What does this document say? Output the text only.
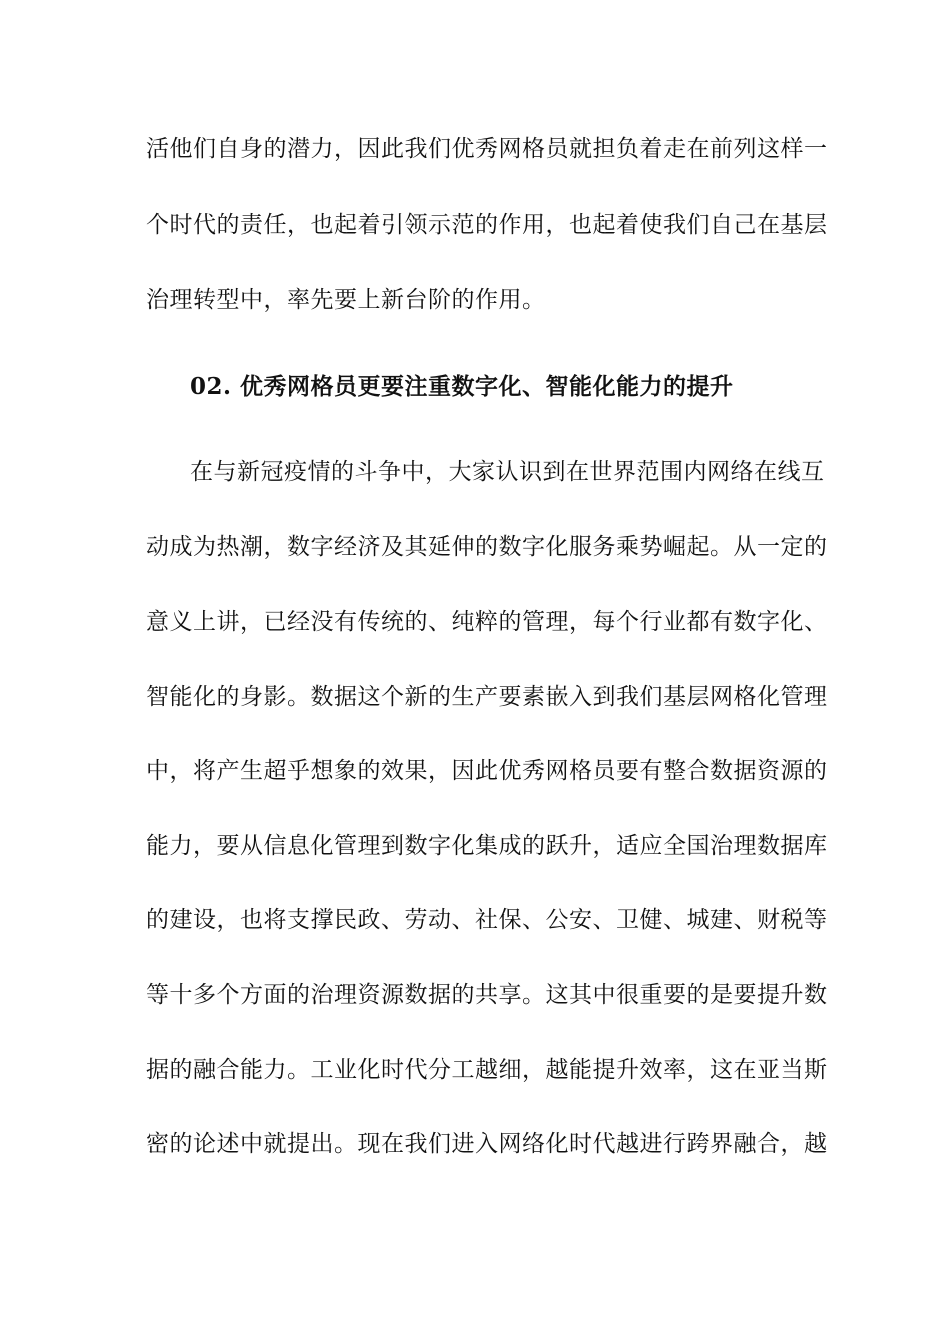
活他们自身的潜力，因此我们优秀网格员就担负着走在前列这样一
个时代的责任，也起着引领示范的作用，也起着使我们自己在基层
治理转型中，率先要上新台阶的作用。
02. 优秀网格员更要注重数字化、智能化能力的提升
在与新冠疫情的斗争中，大家认识到在世界范围内网络在线互
动成为热潮，数字经济及其延伸的数字化服务乘势崛起。从一定的
意义上讲，已经没有传统的、纯粹的管理，每个行业都有数字化、
智能化的身影。数据这个新的生产要素嵌入到我们基层网格化管理
中，将产生超乎想象的效果，因此优秀网格员要有整合数据资源的
能力，要从信息化管理到数字化集成的跃升，适应全国治理数据库
的建设，也将支撑民政、劳动、社保、公安、卫健、城建、财税等
等十多个方面的治理资源数据的共享。这其中很重要的是要提升数
据的融合能力。工业化时代分工越细，越能提升效率，这在亚当斯
密的论述中就提出。现在我们进入网络化时代越进行跨界融合，越
